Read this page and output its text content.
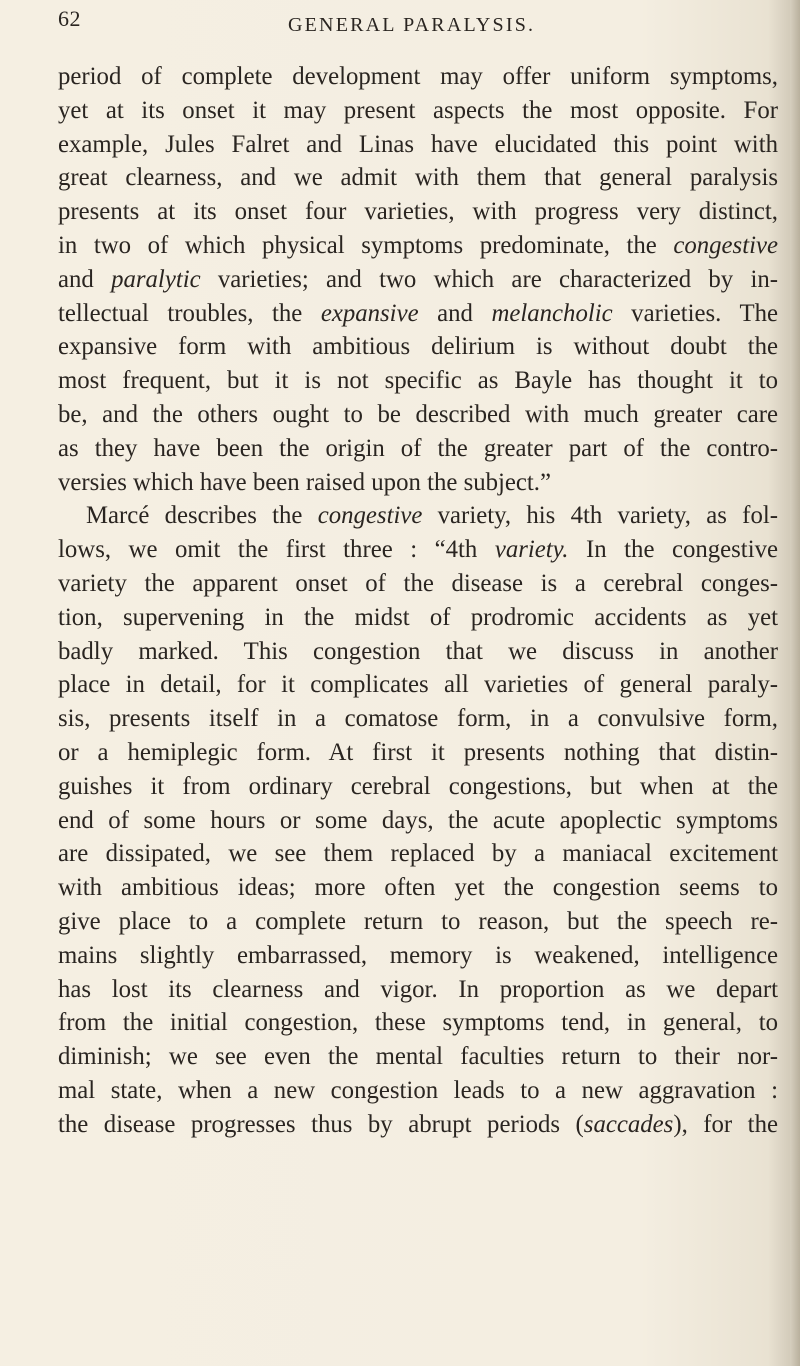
62	GENERAL PARALYSIS.
period of complete development may offer uniform symptoms,
yet at its onset it may present aspects the most opposite. For
example, Jules Falret and Linas have elucidated this point with
great clearness, and we admit with them that general paralysis
presents at its onset four varieties, with progress very distinct,
in two of which physical symptoms predominate, the congestive
and paralytic varieties; and two which are characterized by in-
tellectual troubles, the expansive and melancholic varieties. The
expansive form with ambitious delirium is without doubt the
most frequent, but it is not specific as Bayle has thought it to
be, and the others ought to be described with much greater care
as they have been the origin of the greater part of the contro-
versies which have been raised upon the subject.”
Marcé describes the congestive variety, his 4th variety, as fol-
lows, we omit the first three : “4th variety. In the congestive
variety the apparent onset of the disease is a cerebral conges-
tion, supervening in the midst of prodromic accidents as yet
badly marked. This congestion that we discuss in another
place in detail, for it complicates all varieties of general paraly-
sis, presents itself in a comatose form, in a convulsive form,
or a hemiplegic form. At first it presents nothing that distin-
guishes it from ordinary cerebral congestions, but when at the
end of some hours or some days, the acute apoplectic symptoms
are dissipated, we see them replaced by a maniacal excitement
with ambitious ideas; more often yet the congestion seems to
give place to a complete return to reason, but the speech re-
mains slightly embarrassed, memory is weakened, intelligence
has lost its clearness and vigor. In proportion as we depart
from the initial congestion, these symptoms tend, in general, to
diminish; we see even the mental faculties return to their nor-
mal state, when a new congestion leads to a new aggravation :
the disease progresses thus by abrupt periods (saccades), for the
